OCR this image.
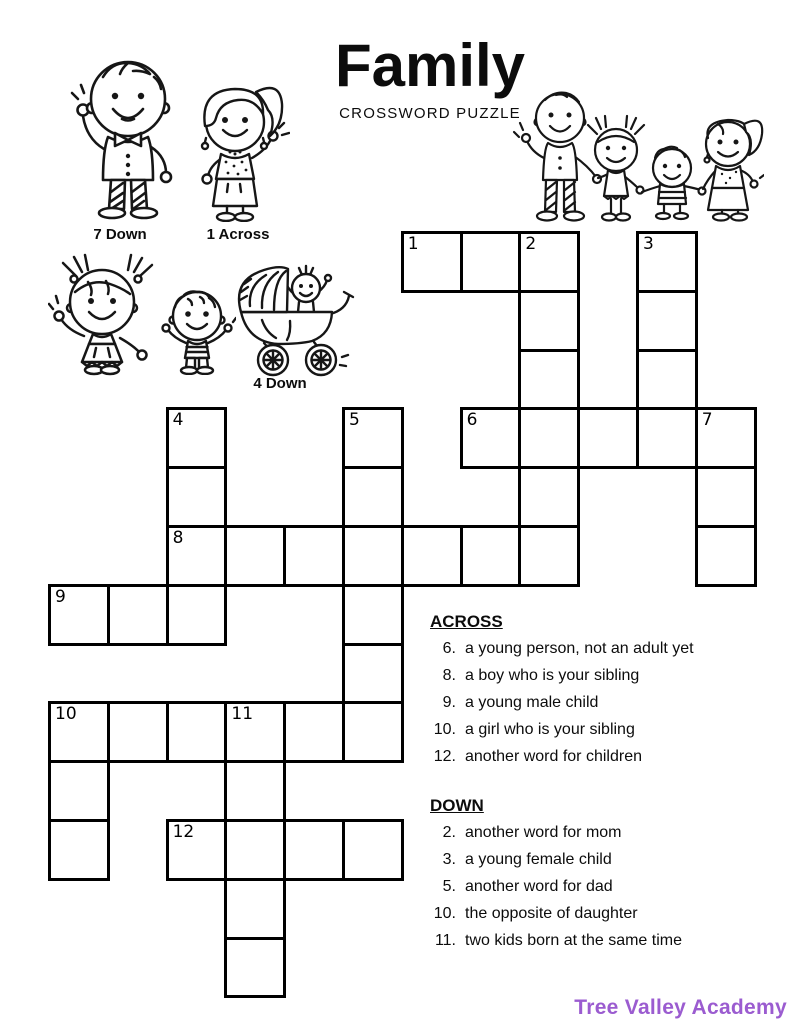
Family
CROSSWORD PUZZLE
7 Down	1 Across
4 Down
1	2	3
4	5	6	7
8
9
10	11
12
ACROSS
6. a young person, not an adult yet
8. a boy who is your sibling
9. a young male child
10. a girl who is your sibling
12. another word for children
DOWN
2. another word for mom
3. a young female child
5. another word for dad
10. the opposite of daughter
11. two kids born at the same time
Tree Valley Academy
